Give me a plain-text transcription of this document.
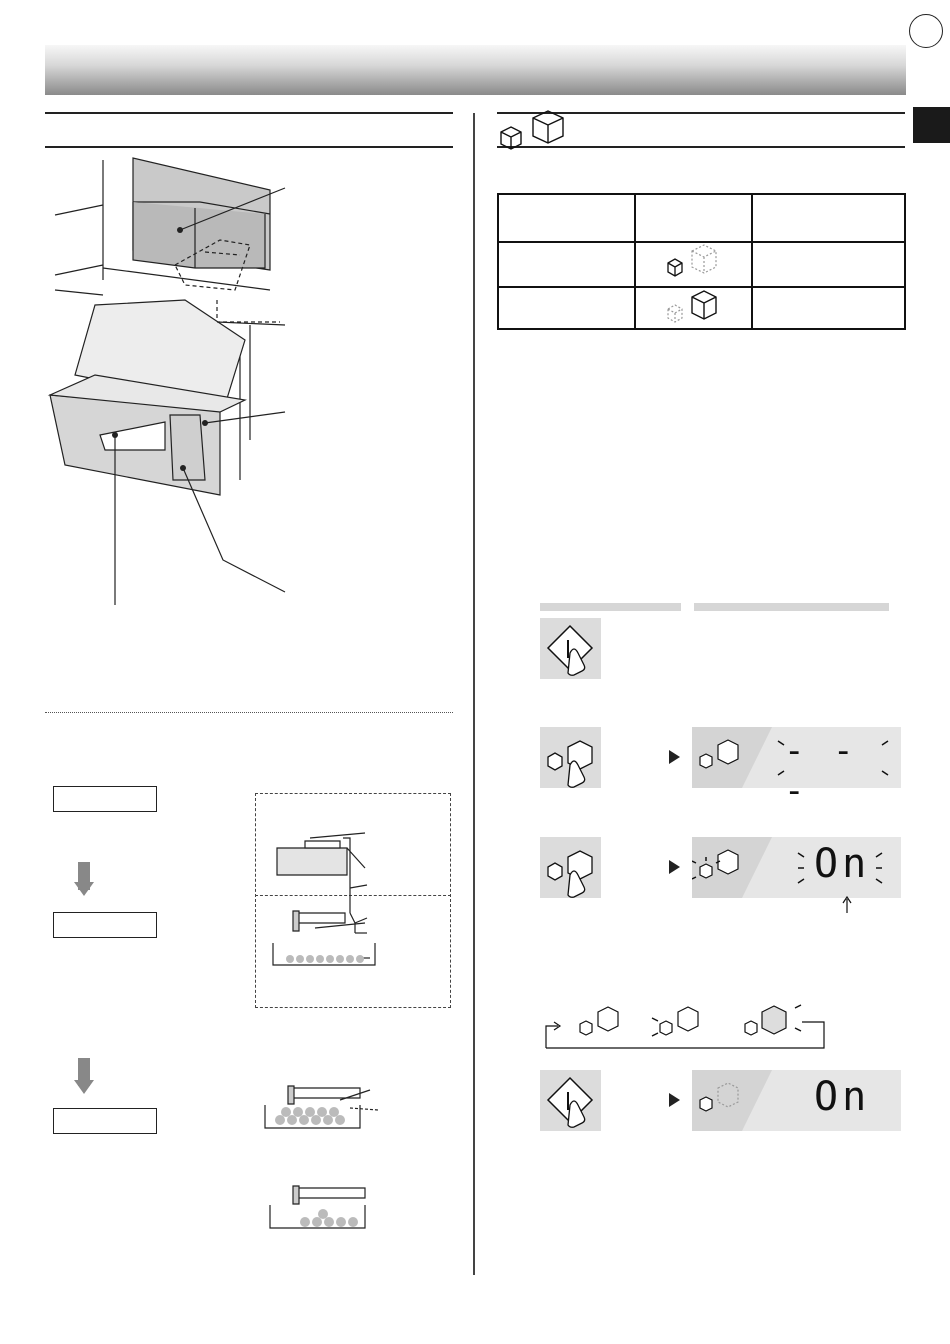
- - -
On
On
